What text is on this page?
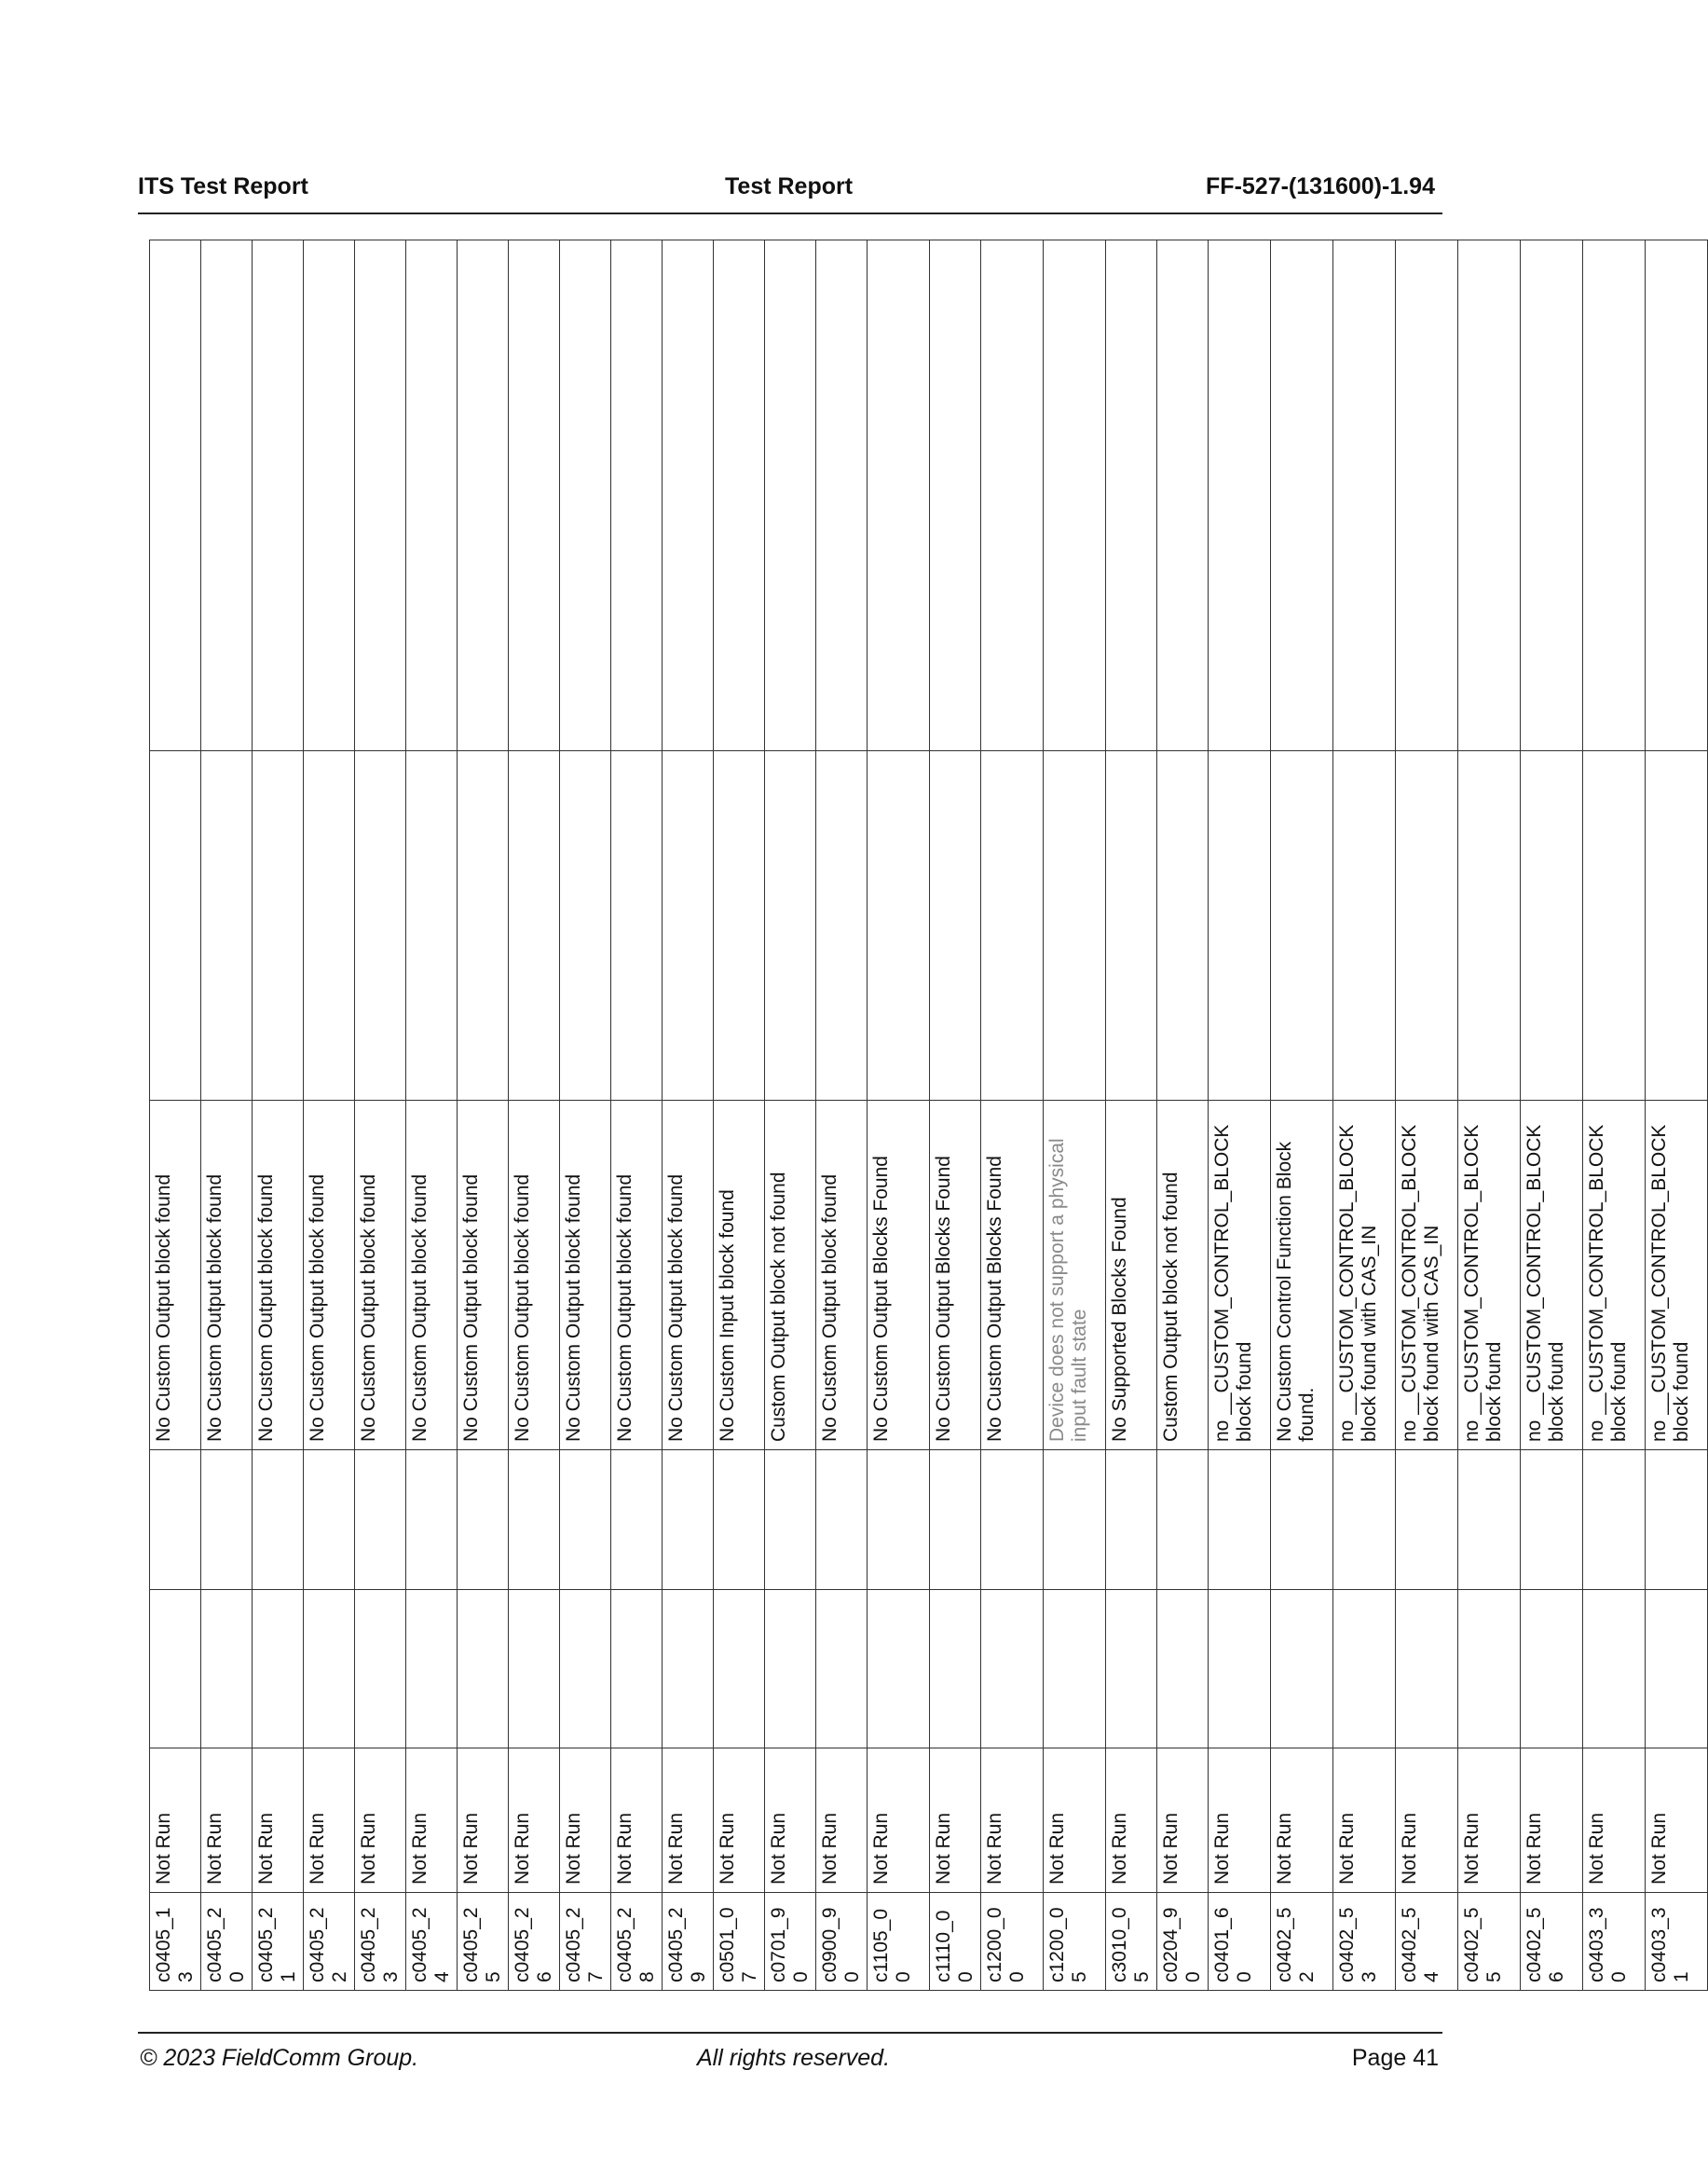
ITS Test Report	Test Report	FF-527-(131600)-1.94
c0405_13	Not Run			No Custom Output block found		
c0405_20	Not Run			No Custom Output block found		
c0405_21	Not Run			No Custom Output block found		
c0405_22	Not Run			No Custom Output block found		
c0405_23	Not Run			No Custom Output block found		
c0405_24	Not Run			No Custom Output block found		
c0405_25	Not Run			No Custom Output block found		
c0405_26	Not Run			No Custom Output block found		
c0405_27	Not Run			No Custom Output block found		
c0405_28	Not Run			No Custom Output block found		
c0405_29	Not Run			No Custom Output block found		
c0501_07	Not Run			No Custom Input block found		
c0701_90	Not Run			Custom Output block not found		
c0900_90	Not Run			No Custom Output block found		
c1105_00	Not Run			No Custom Output Blocks Found		
c1110_00	Not Run			No Custom Output Blocks Found		
c1200_00	Not Run			No Custom Output Blocks Found		
c1200_05	Not Run			Device does not support a physical input fault state		
c3010_05	Not Run			No Supported Blocks Found		
c0204_90	Not Run			Custom Output block not found		
c0401_60	Not Run			no __CUSTOM_CONTROL_BLOCK block found		
c0402_52	Not Run			No Custom Control Function Block found.		
c0402_53	Not Run			no __CUSTOM_CONTROL_BLOCK block found with CAS_IN		
c0402_54	Not Run			no __CUSTOM_CONTROL_BLOCK block found with CAS_IN		
c0402_55	Not Run			no __CUSTOM_CONTROL_BLOCK block found		
c0402_56	Not Run			no __CUSTOM_CONTROL_BLOCK block found		
c0403_30	Not Run			no __CUSTOM_CONTROL_BLOCK block found		
c0403_31	Not Run			no __CUSTOM_CONTROL_BLOCK block found		
© 2023 FieldComm Group.	All rights reserved.	Page 41
